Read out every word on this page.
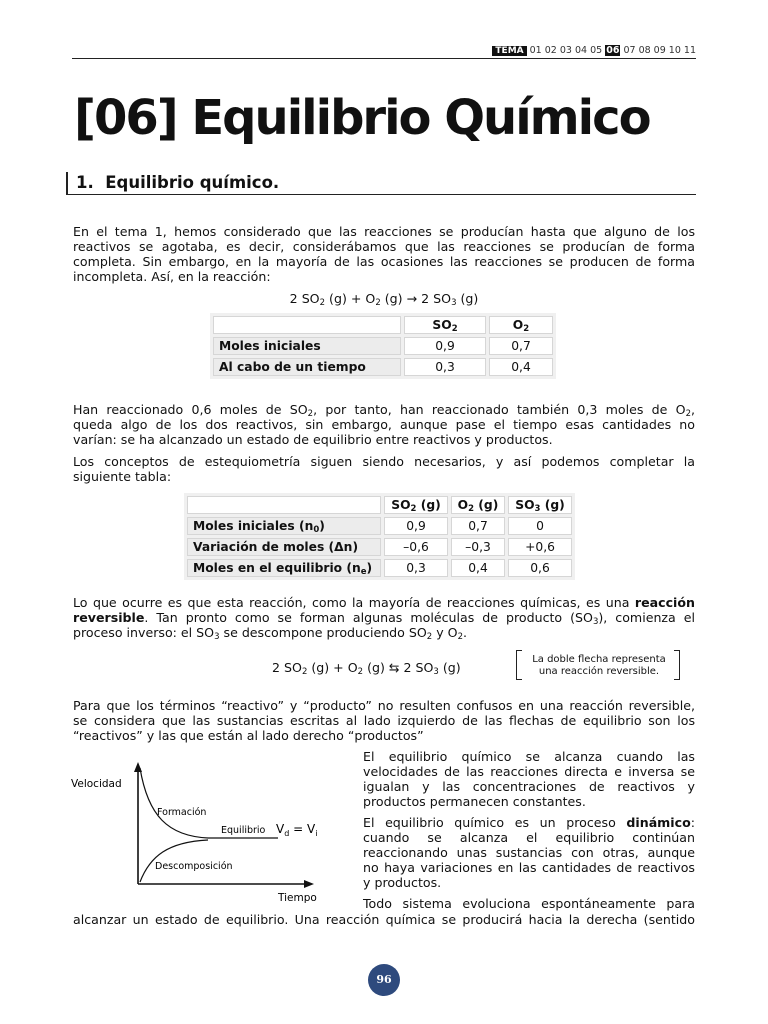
TEMA 01 02 03 04 05 06 07 08 09 10 11
[06] Equilibrio Químico
1. Equilibrio químico.
En el tema 1, hemos considerado que las reacciones se producían hasta que alguno de los
reactivos se agotaba, es decir, considerábamos que las reacciones se producían de forma
completa. Sin embargo, en la mayoría de las ocasiones las reacciones se producen de forma
incompleta. Así, en la reacción:
2 $SO_2$ $(g) + O_2$ (g) → 2 $SO_3$ (g)
	$SO_2$	$O_2$
Moles iniciales	0,9	0,7
Al cabo de un tiempo	0,3	0,4
Han reaccionado 0,6 moles de $SO_2$, por tanto, han reaccionado también 0,3 moles de $O_2$,
queda algo de los dos reactivos, sin embargo, aunque pase el tiempo esas cantidades no
varían: se ha alcanzado un estado de equilibrio entre reactivos y productos.
Los conceptos de estequiometría siguen siendo necesarios, y así podemos completar la
siguiente tabla:
	$SO_2$ (g)	$O_2$ (g)	$SO_3$ (g)
Moles iniciales $(n_0)$	0,9	0,7	0
Variación de moles (Δn)	–0,6	–0,3	+0,6
Moles en el equilibrio $(n_e)$	0,3	0,4	0,6
Lo que ocurre es que esta reacción, como la mayoría de reacciones químicas, es una reacción
reversible. Tan pronto como se forman algunas moléculas de producto $(SO_3)$, comienza el
proceso inverso: el $SO_3$ se descompone produciendo $SO_2$ y $O_2$.
2 $SO_2$ $(g) + O_2$ (g) ⇆ 2 $SO_3$ (g)
La doble flecha representa
una reacción reversible.
Para que los términos “reactivo” y “producto” no resulten confusos en una reacción reversible,
se considera que las sustancias escritas al lado izquierdo de las flechas de equilibrio son los
“reactivos” y las que están al lado derecho “productos”
Velocidad
Formación
Descomposición
Equilibrio $V_d = V_i$
Tiempo
El equilibrio químico se alcanza cuando las
velocidades de las reacciones directa e inversa se
igualan y las concentraciones de reactivos y
productos permanecen constantes.
El equilibrio químico es un proceso dinámico:
cuando se alcanza el equilibrio continúan
reaccionando unas sustancias con otras, aunque
no haya variaciones en las cantidades de reactivos
y productos.
Todo sistema evoluciona espontáneamente para
alcanzar un estado de equilibrio. Una reacción química se producirá hacia la derecha (sentido
96
